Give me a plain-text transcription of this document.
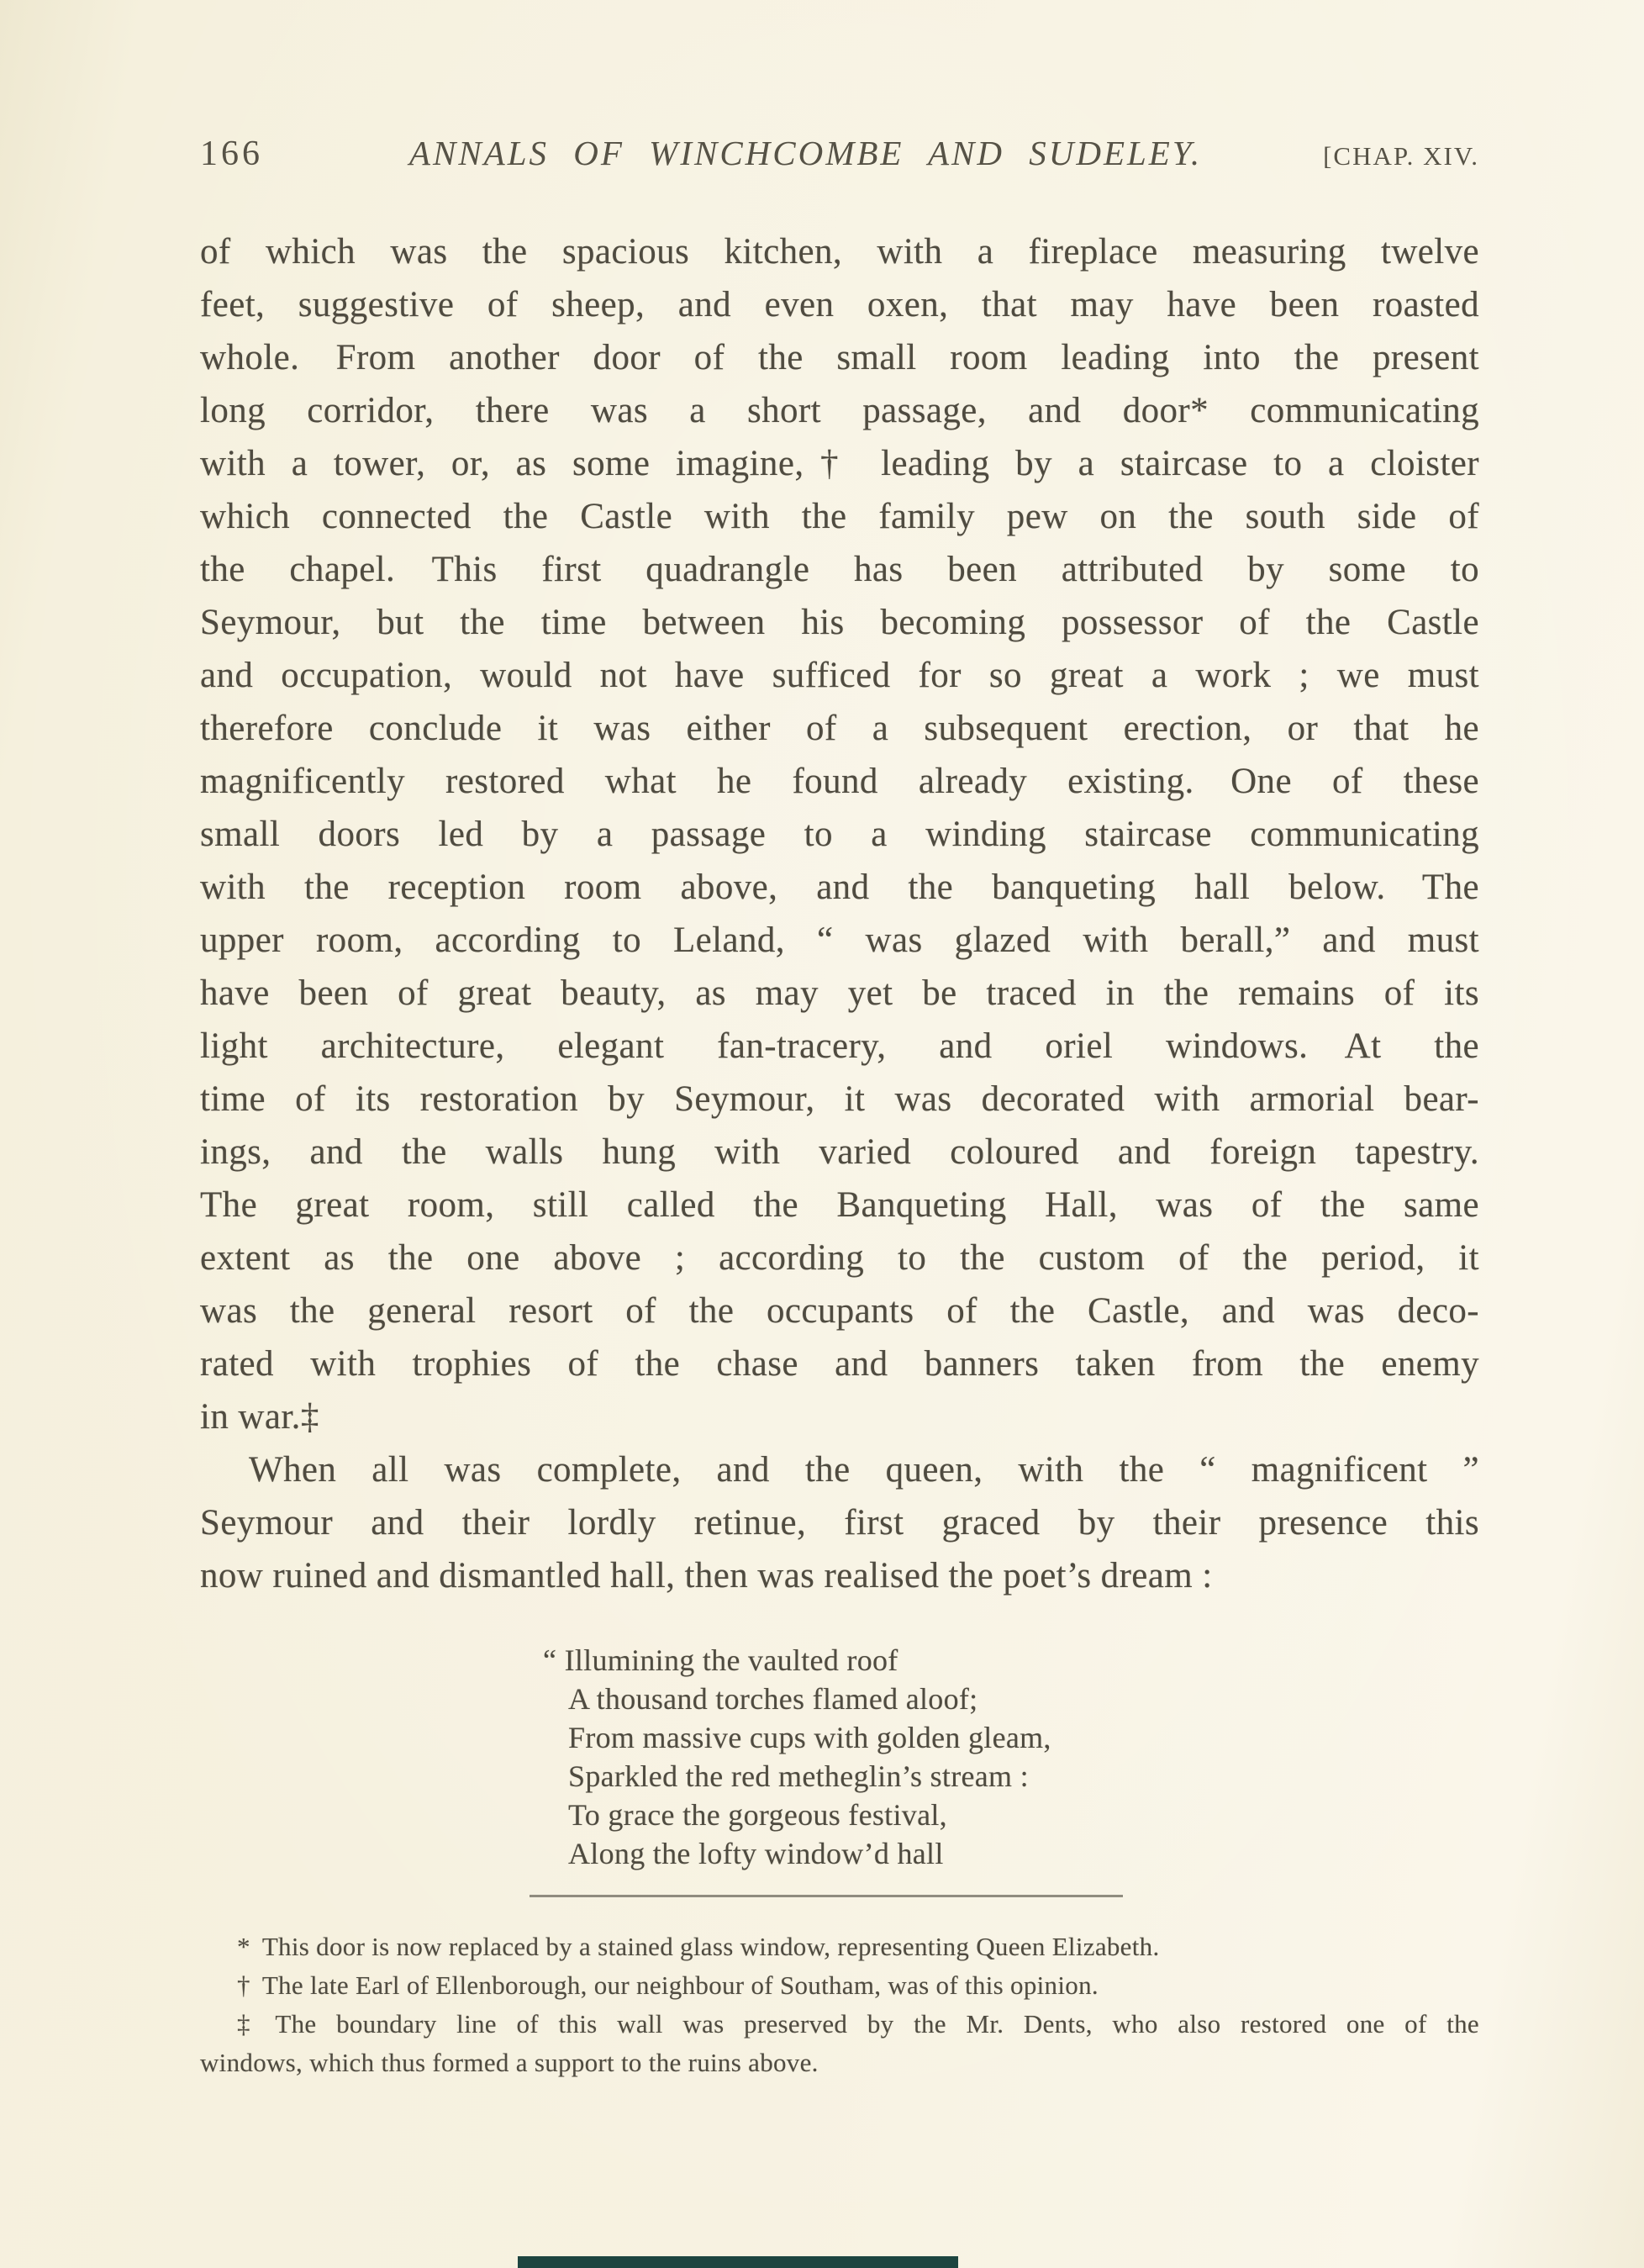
166	ANNALS OF WINCHCOMBE AND SUDELEY.	[CHAP. XIV.
of which was the spacious kitchen, with a fireplace measuring twelve
feet, suggestive of sheep, and even oxen, that may have been roasted
whole. From another door of the small room leading into the present
long corridor, there was a short passage, and door* communicating
with a tower, or, as some imagine,† leading by a staircase to a cloister
which connected the Castle with the family pew on the south side of
the chapel. This first quadrangle has been attributed by some to
Seymour, but the time between his becoming possessor of the Castle
and occupation, would not have sufficed for so great a work ; we must
therefore conclude it was either of a subsequent erection, or that he
magnificently restored what he found already existing. One of these
small doors led by a passage to a winding staircase communicating
with the reception room above, and the banqueting hall below. The
upper room, according to Leland, “ was glazed with berall,” and must
have been of great beauty, as may yet be traced in the remains of its
light architecture, elegant fan-tracery, and oriel windows. At the
time of its restoration by Seymour, it was decorated with armorial bear-
ings, and the walls hung with varied coloured and foreign tapestry.
The great room, still called the Banqueting Hall, was of the same
extent as the one above ; according to the custom of the period, it
was the general resort of the occupants of the Castle, and was deco-
rated with trophies of the chase and banners taken from the enemy
in war.‡
When all was complete, and the queen, with the “ magnificent ”
Seymour and their lordly retinue, first graced by their presence this
now ruined and dismantled hall, then was realised the poet’s dream :
“ Illumining the vaulted roof
A thousand torches flamed aloof;
From massive cups with golden gleam,
Sparkled the red metheglin’s stream :
To grace the gorgeous festival,
Along the lofty window’d hall
* This door is now replaced by a stained glass window, representing Queen Elizabeth.
† The late Earl of Ellenborough, our neighbour of Southam, was of this opinion.
‡ The boundary line of this wall was preserved by the Mr. Dents, who also restored one of the
windows, which thus formed a support to the ruins above.
